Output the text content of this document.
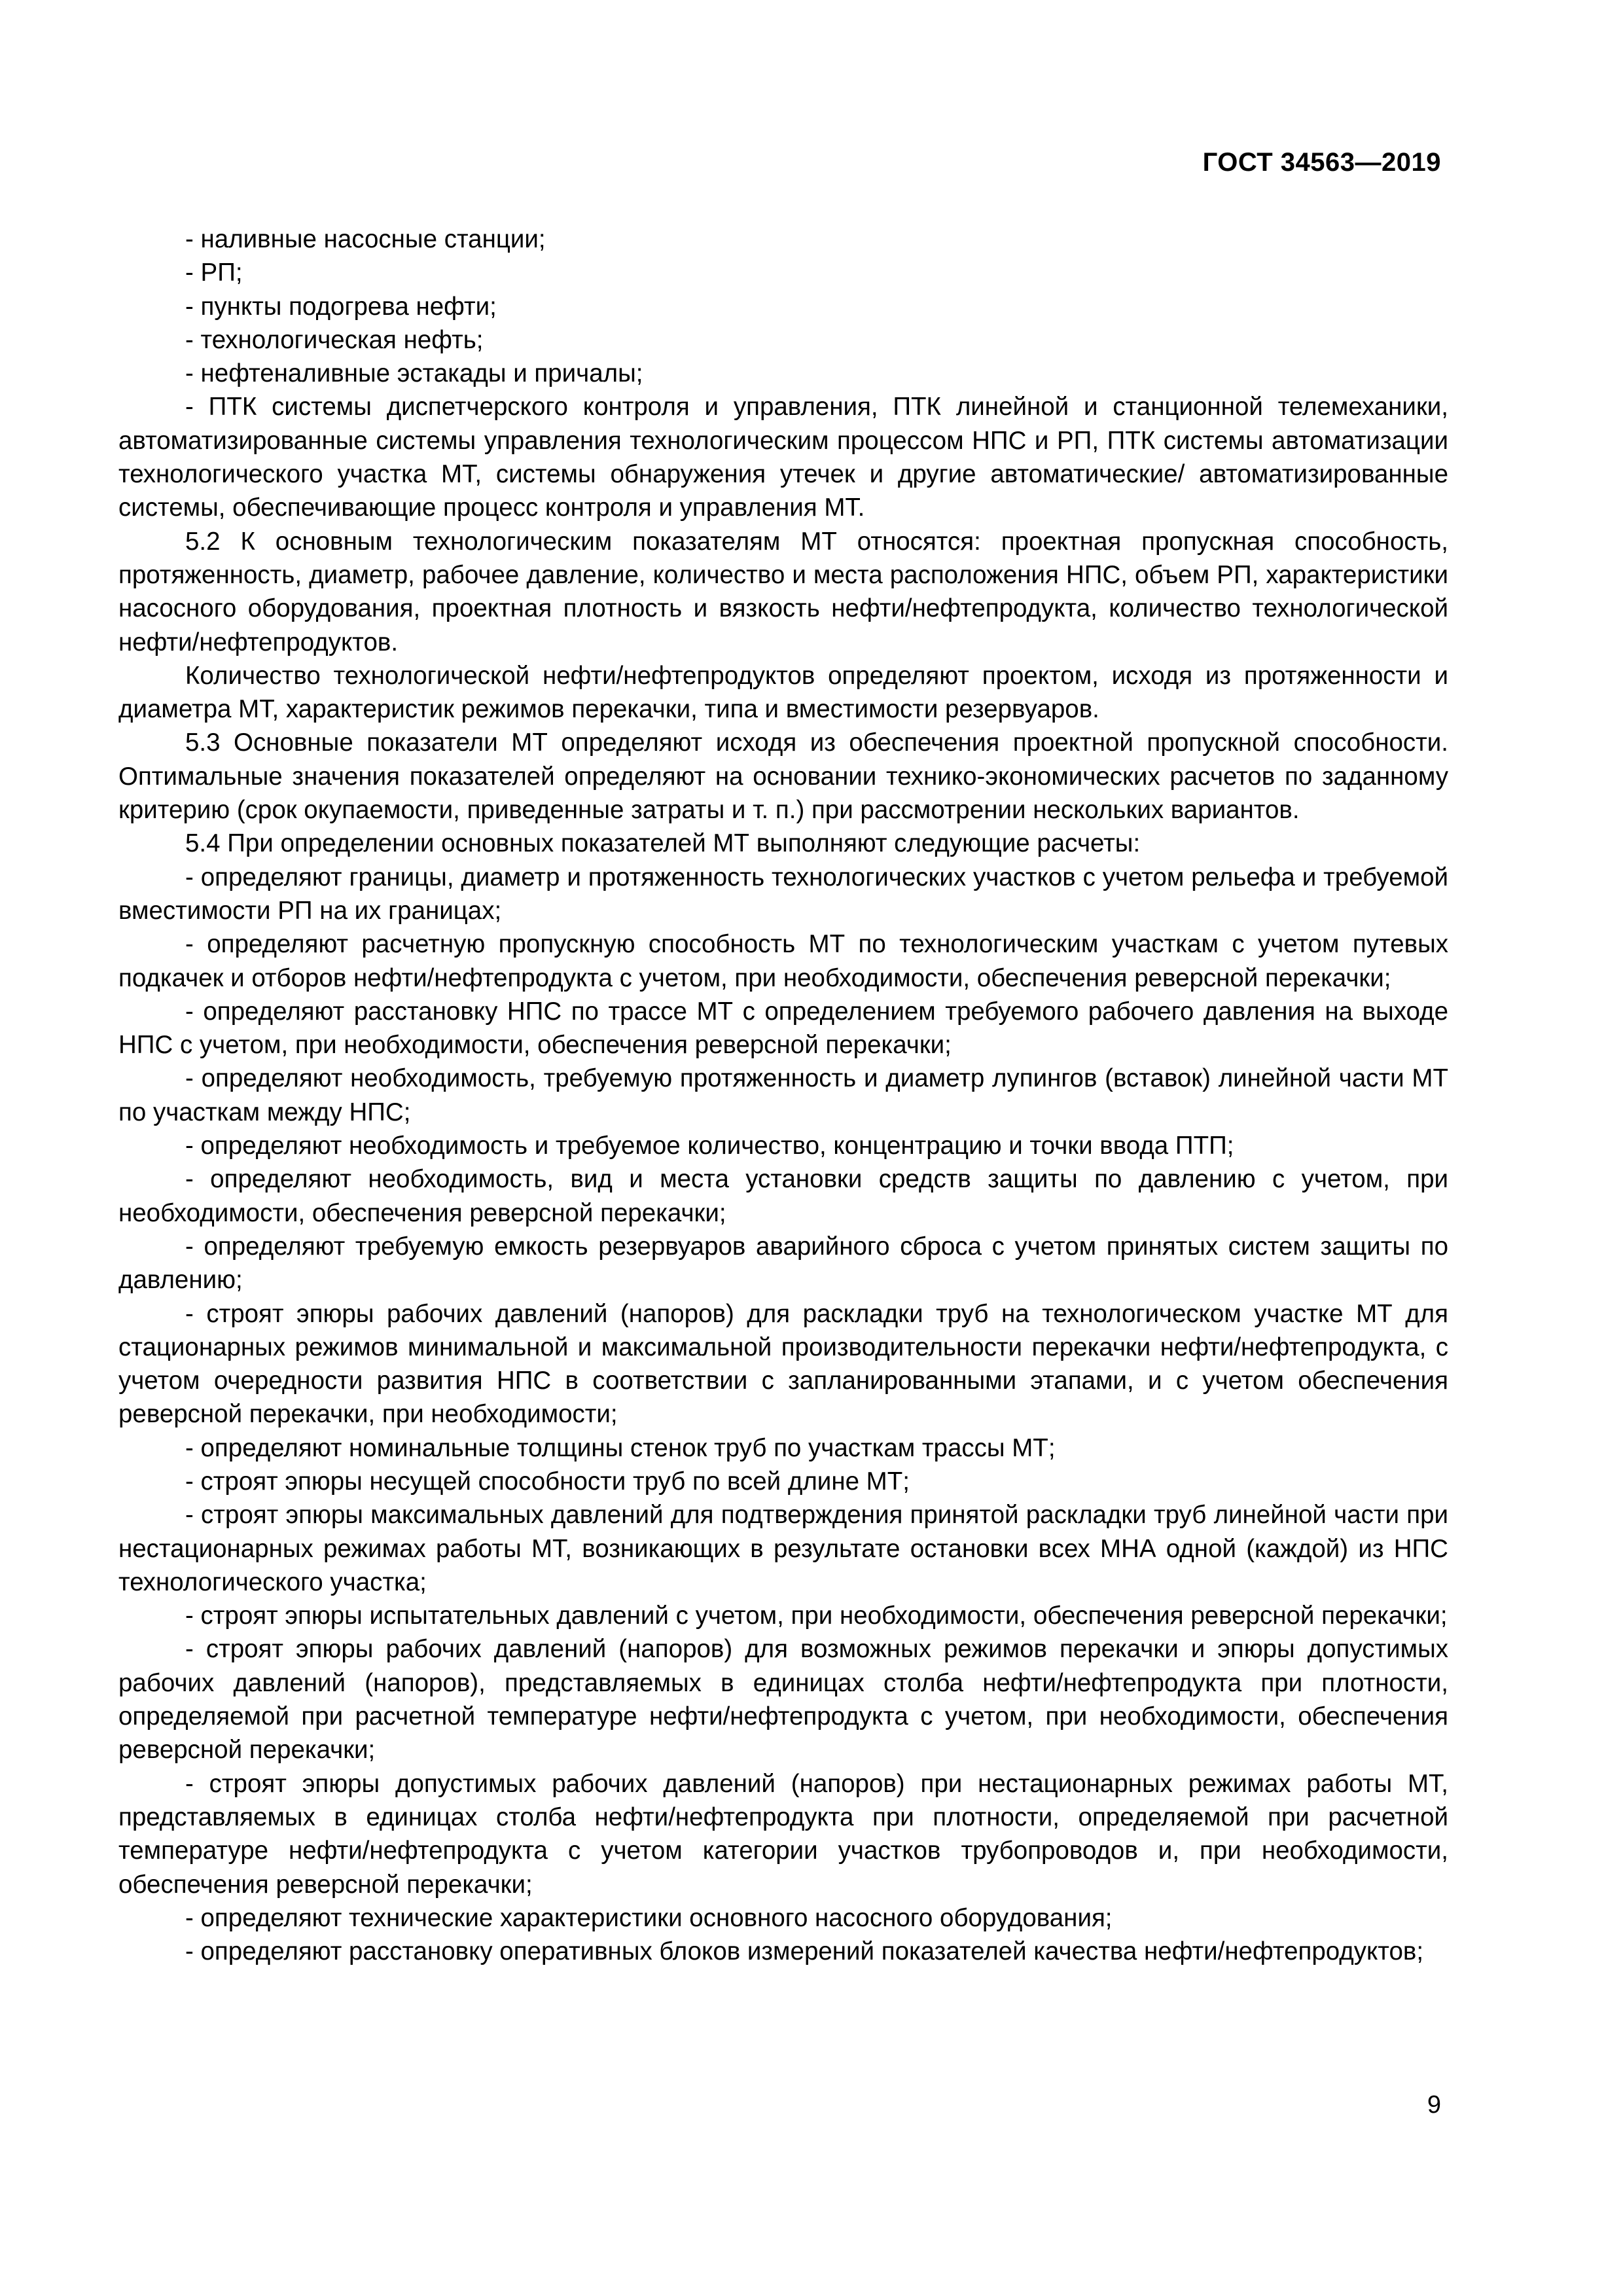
ГОСТ 34563—2019

- наливные насосные станции;

- РП;

- пункты подогрева нефти;

- технологическая нефть;

- нефтеналивные эстакады и причалы;

- ПТК системы диспетчерского контроля и управления, ПТК линейной и станционной телемеханики, автоматизированные системы управления технологическим процессом НПС и РП, ПТК системы автоматизации технологического участка МТ, системы обнаружения утечек и другие автоматические/ автоматизированные системы, обеспечивающие процесс контроля и управления МТ.

5.2 К основным технологическим показателям МТ относятся: проектная пропускная способность, протяженность, диаметр, рабочее давление, количество и места расположения НПС, объем РП, характеристики насосного оборудования, проектная плотность и вязкость нефти/нефтепродукта, количество технологической нефти/нефтепродуктов.

Количество технологической нефти/нефтепродуктов определяют проектом, исходя из протяженности и диаметра МТ, характеристик режимов перекачки, типа и вместимости резервуаров.

5.3 Основные показатели МТ определяют исходя из обеспечения проектной пропускной способности. Оптимальные значения показателей определяют на основании технико-экономических расчетов по заданному критерию (срок окупаемости, приведенные затраты и т. п.) при рассмотрении нескольких вариантов.

5.4 При определении основных показателей МТ выполняют следующие расчеты:

- определяют границы, диаметр и протяженность технологических участков с учетом рельефа и требуемой вместимости РП на их границах;

- определяют расчетную пропускную способность МТ по технологическим участкам с учетом путевых подкачек и отборов нефти/нефтепродукта с учетом, при необходимости, обеспечения реверсной перекачки;

- определяют расстановку НПС по трассе МТ с определением требуемого рабочего давления на выходе НПС с учетом, при необходимости, обеспечения реверсной перекачки;

- определяют необходимость, требуемую протяженность и диаметр лупингов (вставок) линейной части МТ по участкам между НПС;

- определяют необходимость и требуемое количество, концентрацию и точки ввода ПТП;

- определяют необходимость, вид и места установки средств защиты по давлению с учетом, при необходимости, обеспечения реверсной перекачки;

- определяют требуемую емкость резервуаров аварийного сброса с учетом принятых систем защиты по давлению;

- строят эпюры рабочих давлений (напоров) для раскладки труб на технологическом участке МТ для стационарных режимов минимальной и максимальной производительности перекачки нефти/нефтепродукта, с учетом очередности развития НПС в соответствии с запланированными этапами, и с учетом обеспечения реверсной перекачки, при необходимости;

- определяют номинальные толщины стенок труб по участкам трассы МТ;

- строят эпюры несущей способности труб по всей длине МТ;

- строят эпюры максимальных давлений для подтверждения принятой раскладки труб линейной части при нестационарных режимах работы МТ, возникающих в результате остановки всех МНА одной (каждой) из НПС технологического участка;

- строят эпюры испытательных давлений с учетом, при необходимости, обеспечения реверсной перекачки;

- строят эпюры рабочих давлений (напоров) для возможных режимов перекачки и эпюры допустимых рабочих давлений (напоров), представляемых в единицах столба нефти/нефтепродукта при плотности, определяемой при расчетной температуре нефти/нефтепродукта с учетом, при необходимости, обеспечения реверсной перекачки;

- строят эпюры допустимых рабочих давлений (напоров) при нестационарных режимах работы МТ, представляемых в единицах столба нефти/нефтепродукта при плотности, определяемой при расчетной температуре нефти/нефтепродукта с учетом категории участков трубопроводов и, при необходимости, обеспечения реверсной перекачки;

- определяют технические характеристики основного насосного оборудования;

- определяют расстановку оперативных блоков измерений показателей качества нефти/нефтепродуктов;

9
